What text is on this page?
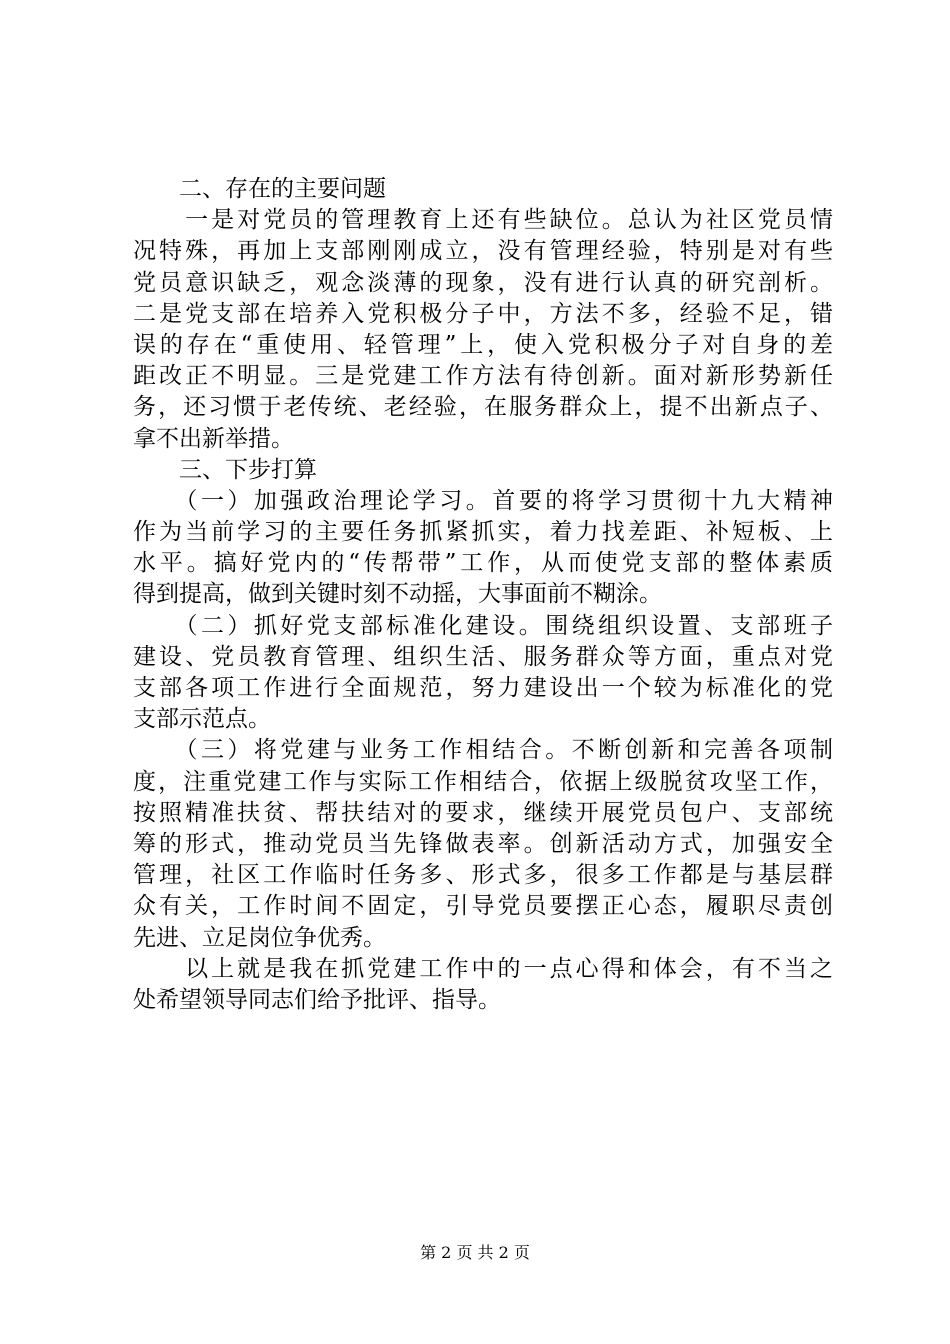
　　二、存在的主要问题
　　一是对党员的管理教育上还有些缺位。总认为社区党员情
况特殊，再加上支部刚刚成立，没有管理经验，特别是对有些
党员意识缺乏，观念淡薄的现象，没有进行认真的研究剖析。
二是党支部在培养入党积极分子中，方法不多，经验不足，错
误的存在“重使用、轻管理”上，使入党积极分子对自身的差
距改正不明显。三是党建工作方法有待创新。面对新形势新任
务，还习惯于老传统、老经验，在服务群众上，提不出新点子、
拿不出新举措。
　　三、下步打算
　　（一）加强政治理论学习。首要的将学习贯彻十九大精神
作为当前学习的主要任务抓紧抓实，着力找差距、补短板、上
水平。搞好党内的“传帮带”工作，从而使党支部的整体素质
得到提高，做到关键时刻不动摇，大事面前不糊涂。
　　（二）抓好党支部标准化建设。围绕组织设置、支部班子
建设、党员教育管理、组织生活、服务群众等方面，重点对党
支部各项工作进行全面规范，努力建设出一个较为标准化的党
支部示范点。
　　（三）将党建与业务工作相结合。不断创新和完善各项制
度，注重党建工作与实际工作相结合，依据上级脱贫攻坚工作，
按照精准扶贫、帮扶结对的要求，继续开展党员包户、支部统
筹的形式，推动党员当先锋做表率。创新活动方式，加强安全
管理，社区工作临时任务多、形式多，很多工作都是与基层群
众有关，工作时间不固定，引导党员要摆正心态，履职尽责创
先进、立足岗位争优秀。
　　以上就是我在抓党建工作中的一点心得和体会，有不当之
处希望领导同志们给予批评、指导。
第 2 页 共 2 页
